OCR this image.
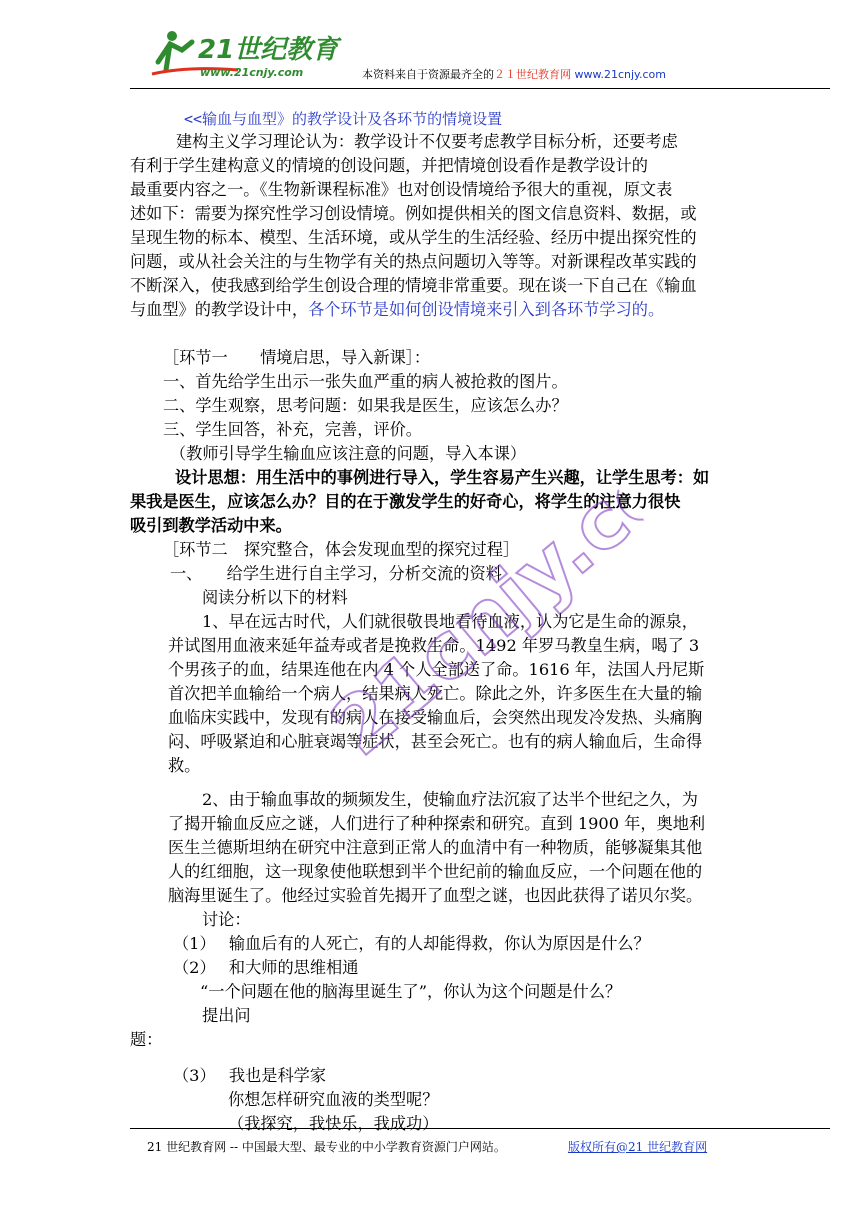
21世纪教育
www.21cnjy.com	本资料来自于资源最齐全的２１世纪教育网 www.21cnjy.com
<<输血与血型》的教学设计及各环节的情境设置
建构主义学习理论认为：教学设计不仅要考虑教学目标分析，还要考虑
有利于学生建构意义的情境的创设问题，并把情境创设看作是教学设计的
最重要内容之一。《生物新课程标准》也对创设情境给予很大的重视，原文表
述如下：需要为探究性学习创设情境。例如提供相关的图文信息资料、数据，或
呈现生物的标本、模型、生活环境，或从学生的生活经验、经历中提出探究性的
问题，或从社会关注的与生物学有关的热点问题切入等等。对新课程改革实践的
不断深入，使我感到给学生创设合理的情境非常重要。现在谈一下自己在《输血
与血型》的教学设计中，各个环节是如何创设情境来引入到各环节学习的。
［环节一　　情境启思，导入新课］：
一、首先给学生出示一张失血严重的病人被抢救的图片。
二、学生观察，思考问题：如果我是医生，应该怎么办？
三、学生回答，补充，完善，评价。
（教师引导学生输血应该注意的问题，导入本课）
设计思想：用生活中的事例进行导入，学生容易产生兴趣，让学生思考：如
果我是医生，应该怎么办？目的在于激发学生的好奇心，将学生的注意力很快
吸引到教学活动中来。
［环节二　探究整合，体会发现血型的探究过程］
一、　　给学生进行自主学习，分析交流的资料
阅读分析以下的材料
1、早在远古时代，人们就很敬畏地看待血液，认为它是生命的源泉，
并试图用血液来延年益寿或者是挽救生命。1492 年罗马教皇生病，喝了 3
个男孩子的血，结果连他在内 4 个人全部送了命。1616 年，法国人丹尼斯
首次把羊血输给一个病人，结果病人死亡。除此之外，许多医生在大量的输
血临床实践中，发现有的病人在接受输血后，会突然出现发冷发热、头痛胸
闷、呼吸紧迫和心脏衰竭等症状，甚至会死亡。也有的病人输血后，生命得
救。
2、由于输血事故的频频发生，使输血疗法沉寂了达半个世纪之久，为
了揭开输血反应之谜，人们进行了种种探索和研究。直到 1900 年，奥地利
医生兰德斯坦纳在研究中注意到正常人的血清中有一种物质，能够凝集其他
人的红细胞，这一现象使他联想到半个世纪前的输血反应，一个问题在他的
脑海里诞生了。他经过实验首先揭开了血型之谜，也因此获得了诺贝尔奖。
讨论：
（1）　 输血后有的人死亡，有的人却能得救，你认为原因是什么？
（2）　 和大师的思维相通
“一个问题在他的脑海里诞生了”，你认为这个问题是什么？
提出问
题：
（3）　 我也是科学家
你想怎样研究血液的类型呢？
21 世纪教育网 -- 中国最大型、最专业的中小学教育资源门户网站。	版权所有@21 世纪教育网
21cnjy.com
（我探究，我快乐，我成功）
